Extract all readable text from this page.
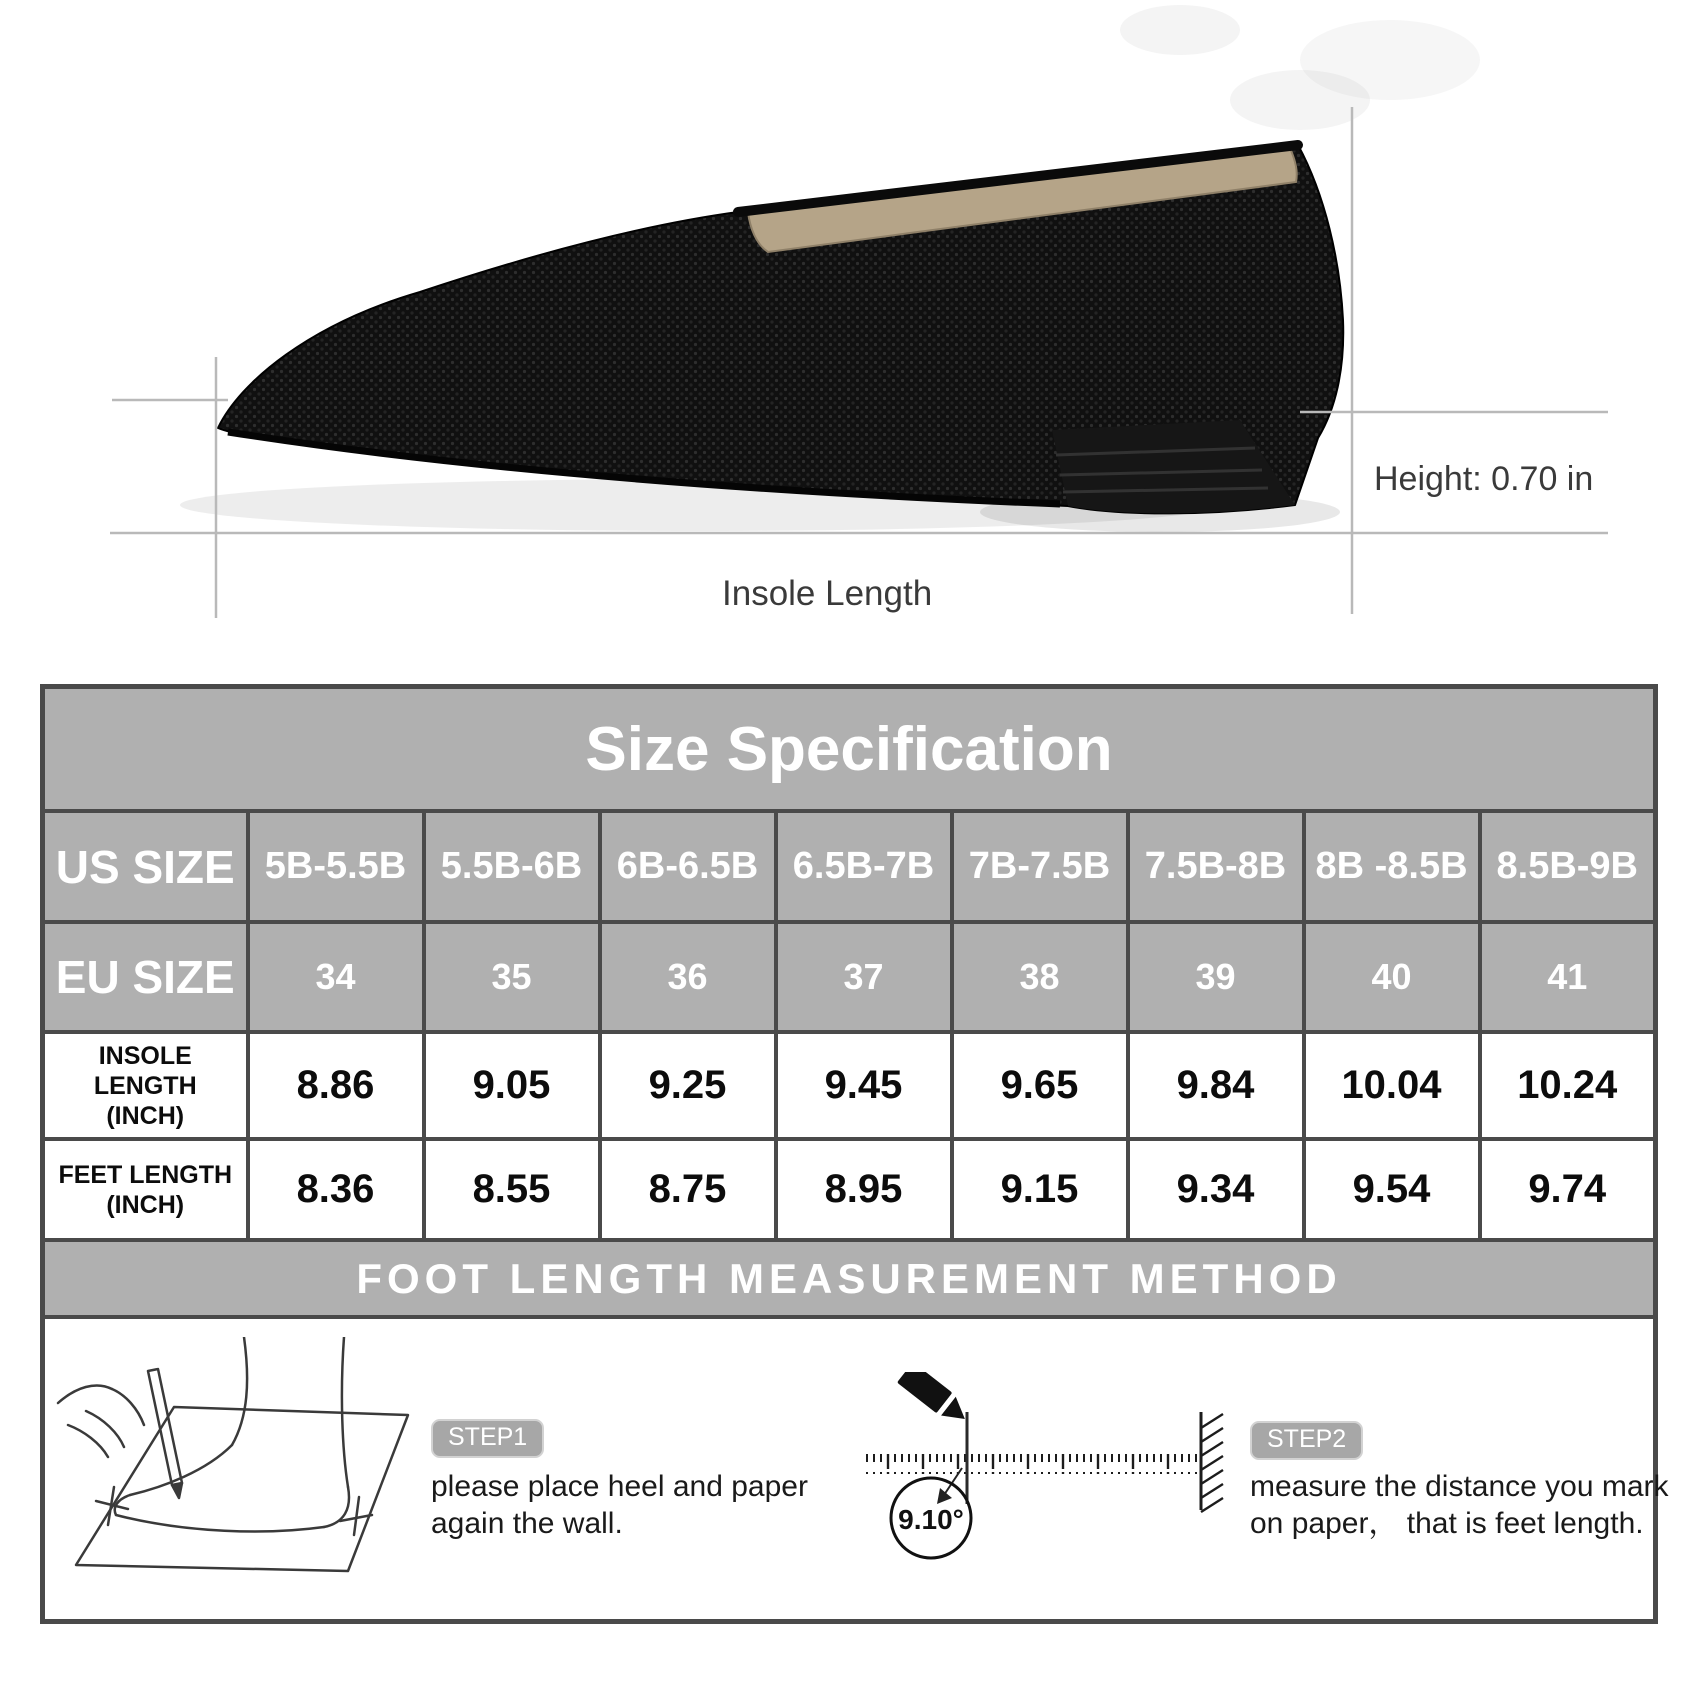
Height: 0.70 in
Insole Length
Size Specification								
US SIZE	5B-5.5B	5.5B-6B	6B-6.5B	6.5B-7B	7B-7.5B	7.5B-8B	8B -8.5B	8.5B-9B
EU SIZE	34	35	36	37	38	39	40	41

INSOLE LENGTH
(INCH)	8.86	9.05	9.25	9.45	9.65	9.84	10.04	10.24

FEET LENGTH
(INCH)	8.36	8.55	8.75	8.95	9.15	9.34	9.54	9.74
FOOT LENGTH MEASUREMENT METHOD								

STEP1
please place heel and paper
again the wall.	9.10°
STEP2
measure the distance you mark
on paper， that is feet length.
